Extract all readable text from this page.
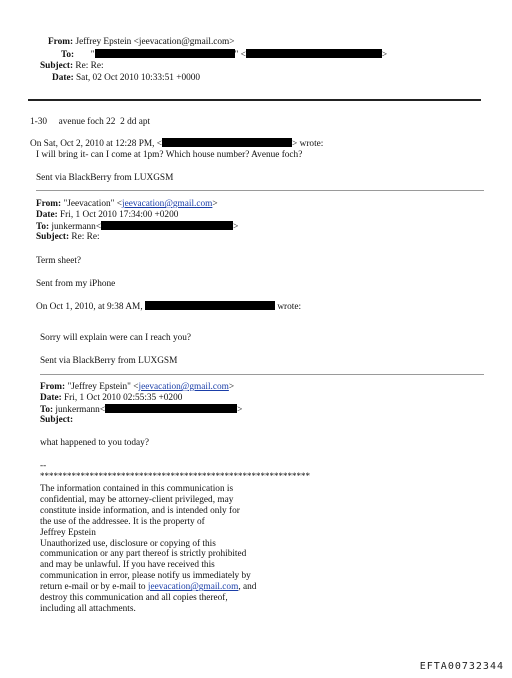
From: Jeffrey Epstein <jeevacation@gmail.com>
To: "	" <	>
Subject: Re: Re:
Date: Sat, 02 Oct 2010 10:33:51 +0000
1-30     avenue foch 22  2 dd apt
On Sat, Oct 2, 2010 at 12:28 PM, <	> wrote:
I will bring it- can I come at 1pm? Which house number? Avenue foch?
Sent via BlackBerry from LUXGSM
From: "Jeevacation" <jeevacation@gmail.com>
Date: Fri, 1 Oct 2010 17:34:00 +0200
To: junkermann<	>
Subject: Re: Re:
Term sheet?
Sent from my iPhone
On Oct 1, 2010, at 9:38 AM,	wrote:
Sorry will explain were can I reach you?
Sent via BlackBerry from LUXGSM
From: "Jeffrey Epstein" <jeevacation@gmail.com>
Date: Fri, 1 Oct 2010 02:55:35 +0200
To: junkermann<	>
Subject:
what happened to you today?
--
************************************************************
The information contained in this communication is
confidential, may be attorney-client privileged, may
constitute inside information, and is intended only for
the use of the addressee. It is the property of
Jeffrey Epstein
Unauthorized use, disclosure or copying of this
communication or any part thereof is strictly prohibited
and may be unlawful. If you have received this
communication in error, please notify us immediately by
return e-mail or by e-mail to jeevacation@gmail.com, and
destroy this communication and all copies thereof,
including all attachments.
EFTA00732344
